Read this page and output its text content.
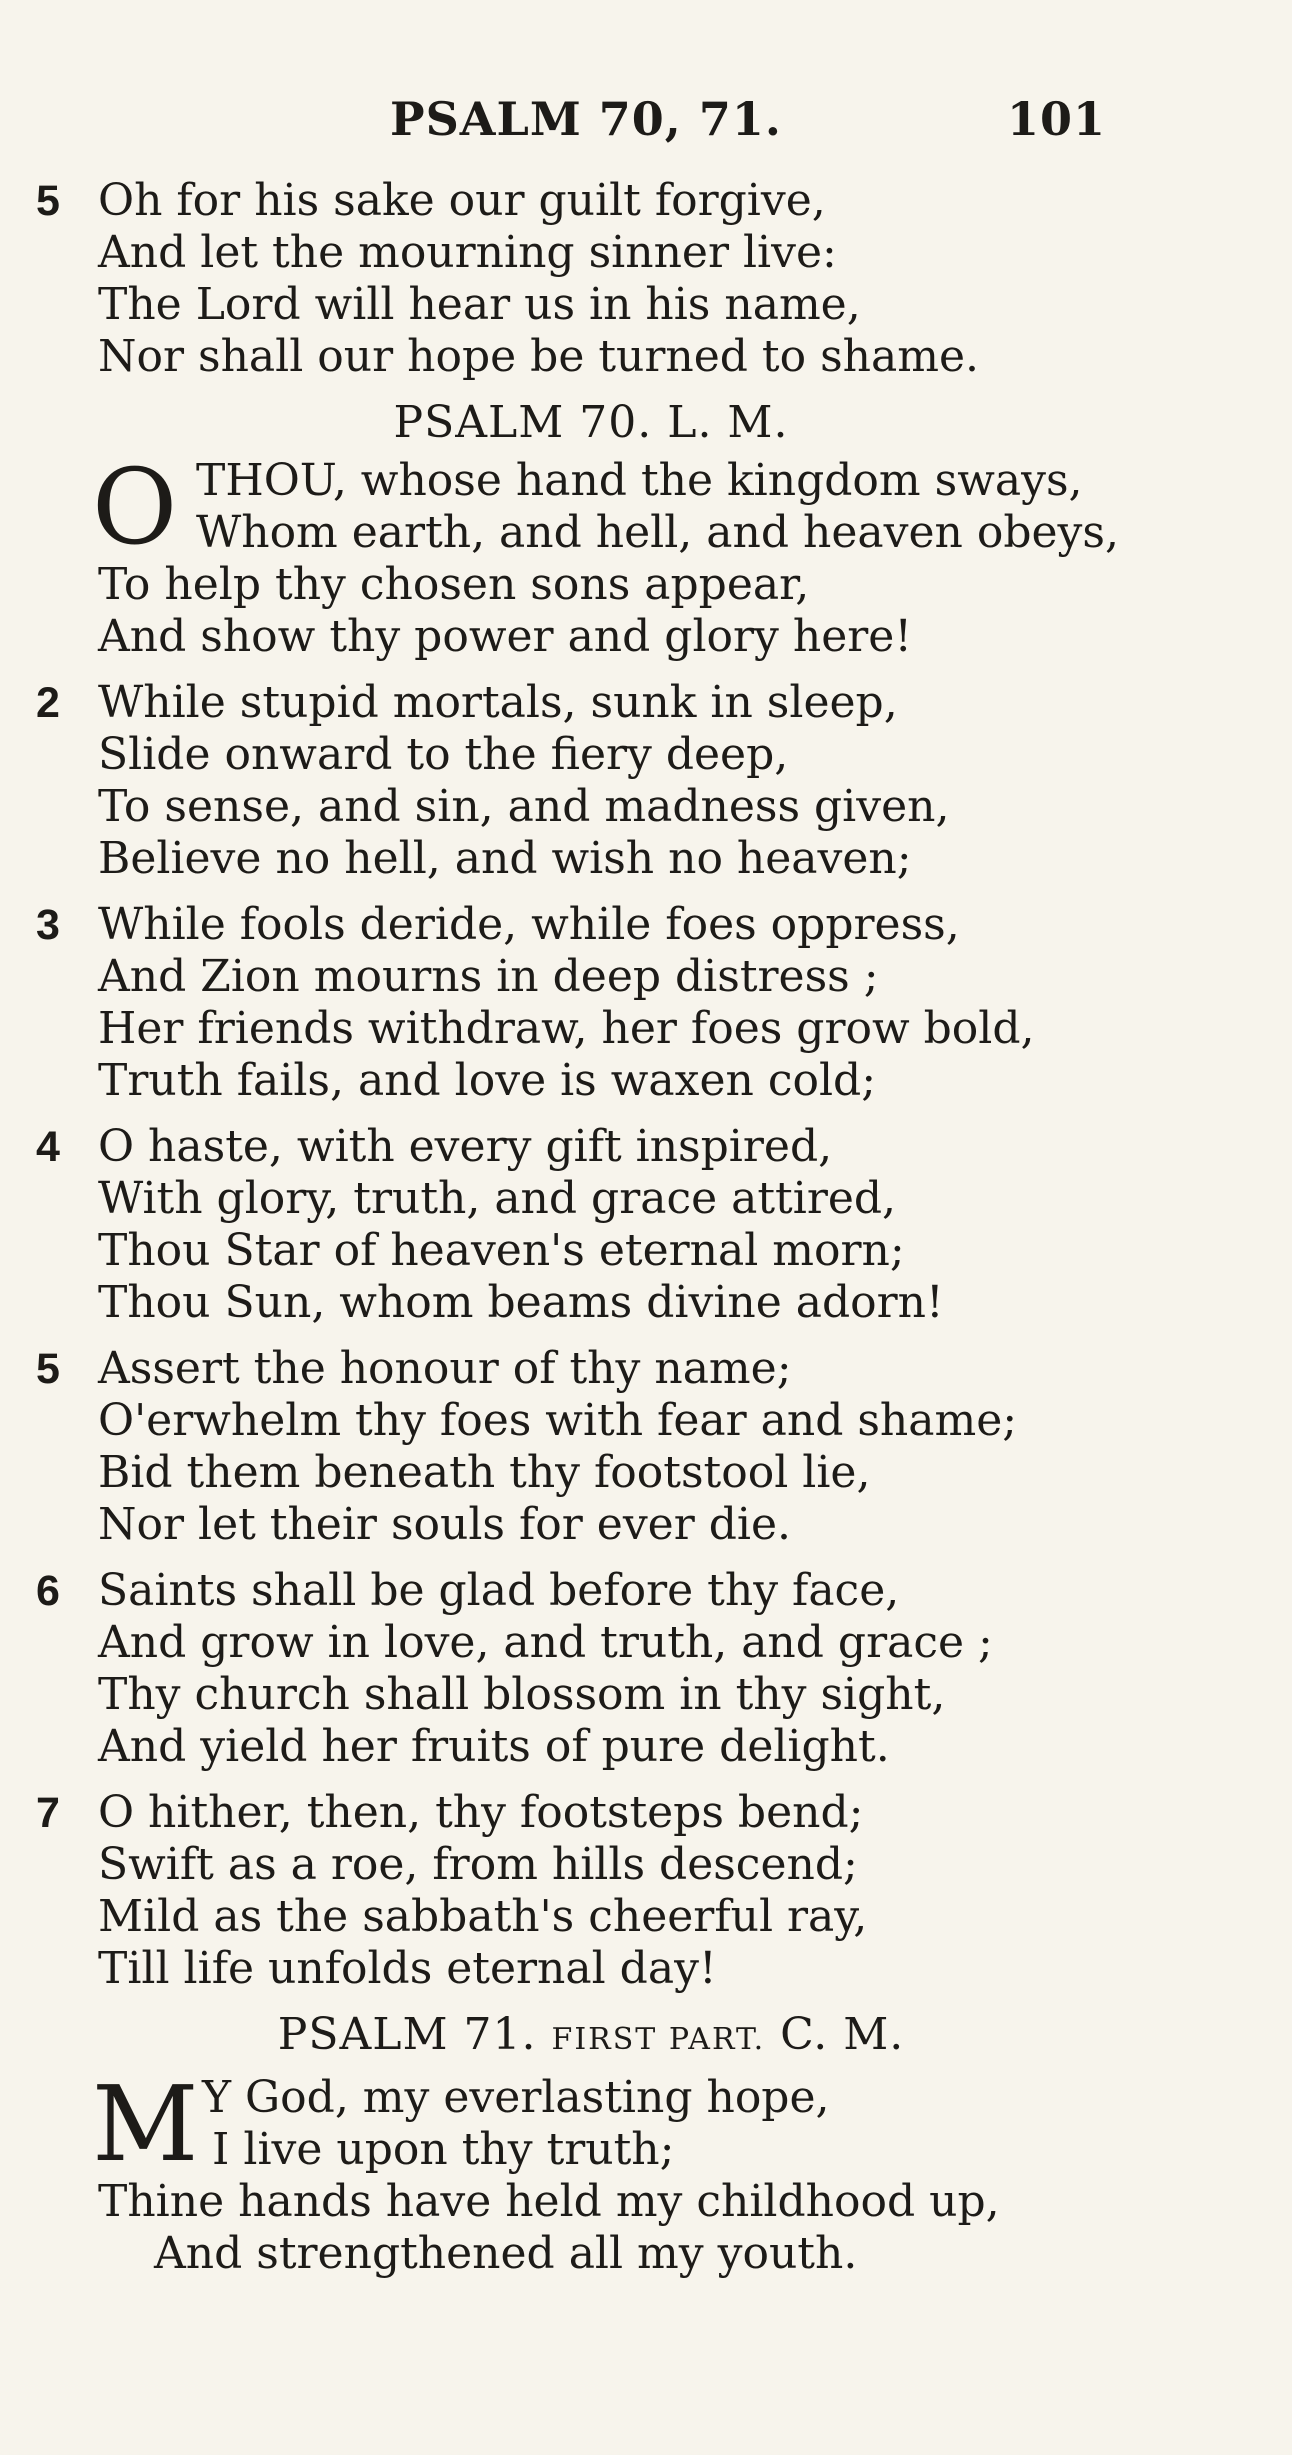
PSALM 70, 71.	101
5 Oh for his sake our guilt forgive,
And let the mourning sinner live:
The Lord will hear us in his name,
Nor shall our hope be turned to shame.
PSALM 70. L. M.
O THOU, whose hand the kingdom sways,
Whom earth, and hell, and heaven obeys,
To help thy chosen sons appear,
And show thy power and glory here!
2 While stupid mortals, sunk in sleep,
Slide onward to the fiery deep,
To sense, and sin, and madness given,
Believe no hell, and wish no heaven;
3 While fools deride, while foes oppress,
And Zion mourns in deep distress ;
Her friends withdraw, her foes grow bold,
Truth fails, and love is waxen cold;
4 O haste, with every gift inspired,
With glory, truth, and grace attired,
Thou Star of heaven's eternal morn;
Thou Sun, whom beams divine adorn!
5 Assert the honour of thy name;
O'erwhelm thy foes with fear and shame;
Bid them beneath thy footstool lie,
Nor let their souls for ever die.
6 Saints shall be glad before thy face,
And grow in love, and truth, and grace ;
Thy church shall blossom in thy sight,
And yield her fruits of pure delight.
7 O hither, then, thy footsteps bend;
Swift as a roe, from hills descend;
Mild as the sabbath's cheerful ray,
Till life unfolds eternal day!
PSALM 71. FIRST PART. C. M.
M Y God, my everlasting hope,
I live upon thy truth;
Thine hands have held my childhood up,
And strengthened all my youth.
